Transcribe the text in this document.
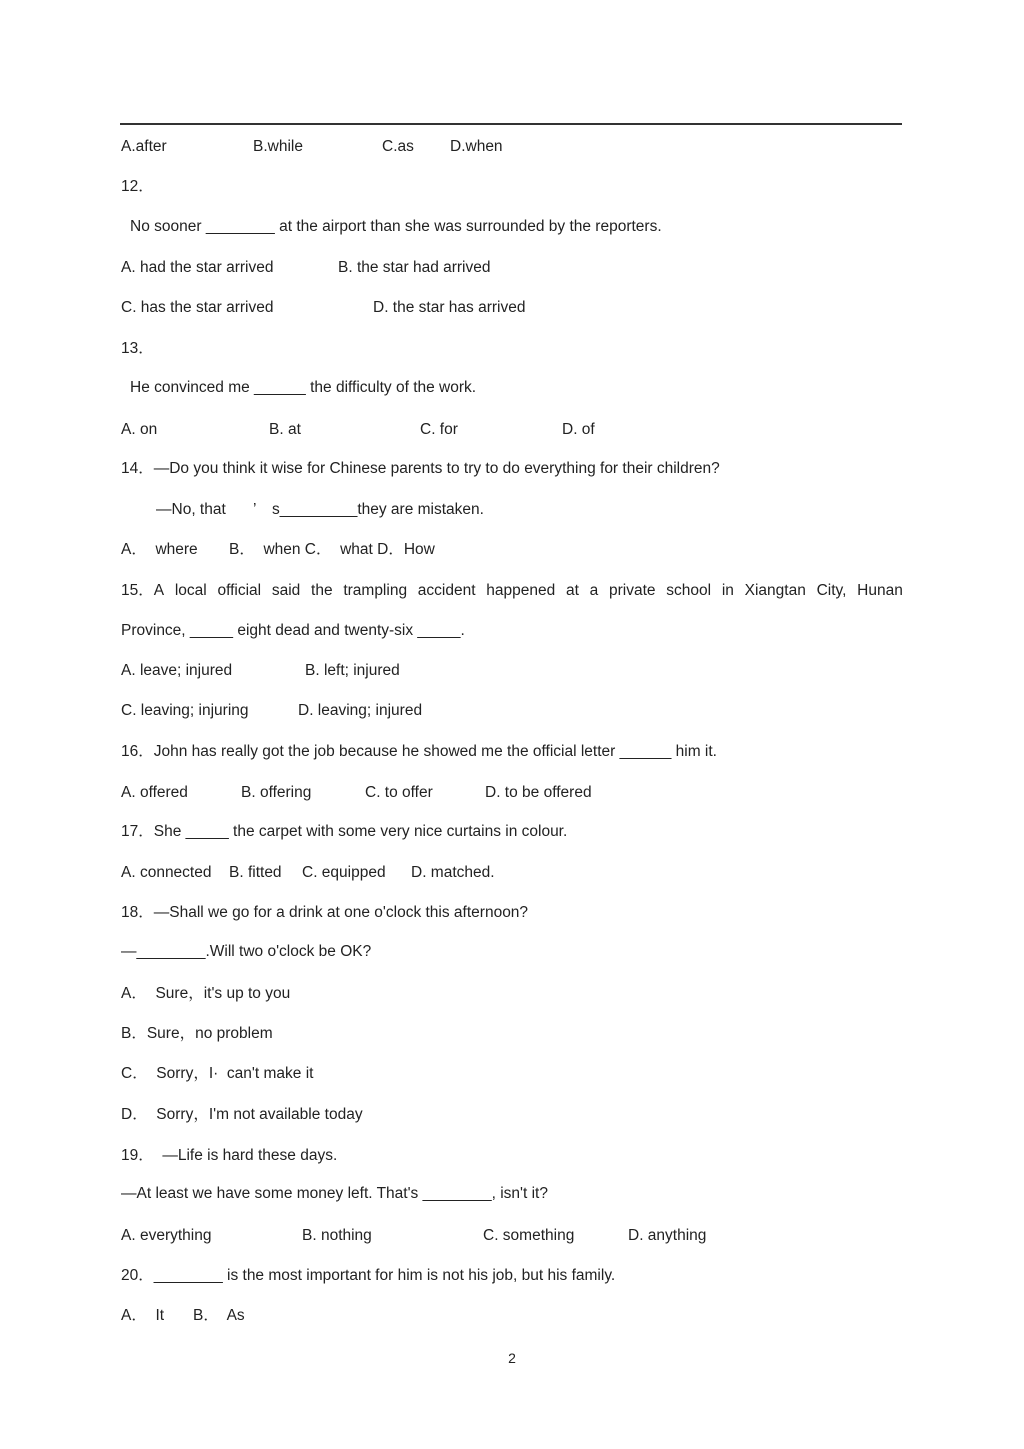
A.after	B.while	C.as D.when
12．
No sooner ________ at the airport than she was surrounded by the reporters.
A. had the star arrived	B. the star had arrived
C. has the star arrived	D. the star has arrived
13．
He convinced me ______ the difficulty of the work.
A. on	B. at	C. for	D. of
14．—Do you think it wise for Chinese parents to try to do everything for their children?
—No, that ’ s_________they are mistaken.
A．  where B．  when C．  what D．How
15．A local official said the trampling accident happened at a private school in Xiangtan City, Hunan
Province, _____ eight dead and twenty-six _____.
A. leave; injured	B. left; injured
C. leaving; injuring	D. leaving; injured
16．John has really got the job because he showed me the official letter ______ him it.
A. offered	B. offering	C. to offer	D. to be offered
17．She _____ the carpet with some very nice curtains in colour.
A. connected B. fitted C. equipped D. matched.
18．—Shall we go for a drink at one o'clock this afternoon?
—________.Will two o'clock be OK?
A．  Sure，it's up to you
B．Sure，no problem
C．  Sorry，I·  can't make it
D．  Sorry，I'm not available today
19．  —Life is hard these days.
—At least we have some money left. That's ________, isn't it?
A. everything	B. nothing	C. something	D. anything
20．________ is the most important for him is not his job, but his family.
A．  It B．  As
2
